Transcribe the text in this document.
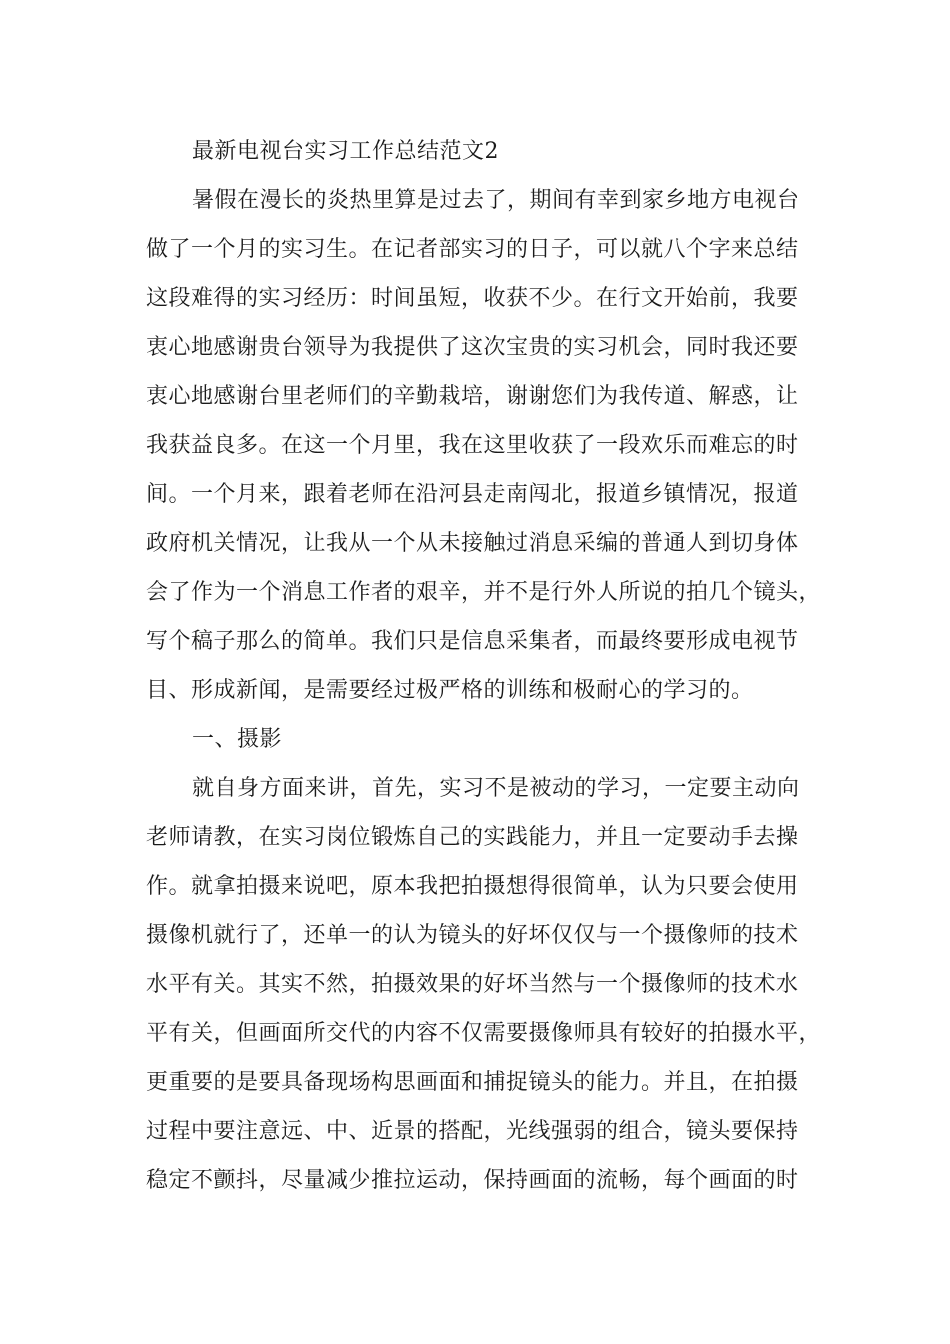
最新电视台实习工作总结范文2
暑假在漫长的炎热里算是过去了，期间有幸到家乡地方电视台
做了一个月的实习生。在记者部实习的日子，可以就八个字来总结
这段难得的实习经历：时间虽短，收获不少。在行文开始前，我要
衷心地感谢贵台领导为我提供了这次宝贵的实习机会，同时我还要
衷心地感谢台里老师们的辛勤栽培，谢谢您们为我传道、解惑，让
我获益良多。在这一个月里，我在这里收获了一段欢乐而难忘的时
间。一个月来，跟着老师在沿河县走南闯北，报道乡镇情况，报道
政府机关情况，让我从一个从未接触过消息采编的普通人到切身体
会了作为一个消息工作者的艰辛，并不是行外人所说的拍几个镜头，
写个稿子那么的简单。我们只是信息采集者，而最终要形成电视节
目、形成新闻，是需要经过极严格的训练和极耐心的学习的。
一、摄影
就自身方面来讲，首先，实习不是被动的学习，一定要主动向
老师请教，在实习岗位锻炼自己的实践能力，并且一定要动手去操
作。就拿拍摄来说吧，原本我把拍摄想得很简单，认为只要会使用
摄像机就行了，还单一的认为镜头的好坏仅仅与一个摄像师的技术
水平有关。其实不然，拍摄效果的好坏当然与一个摄像师的技术水
平有关，但画面所交代的内容不仅需要摄像师具有较好的拍摄水平，
更重要的是要具备现场构思画面和捕捉镜头的能力。并且，在拍摄
过程中要注意远、中、近景的搭配，光线强弱的组合，镜头要保持
稳定不颤抖，尽量减少推拉运动，保持画面的流畅，每个画面的时
